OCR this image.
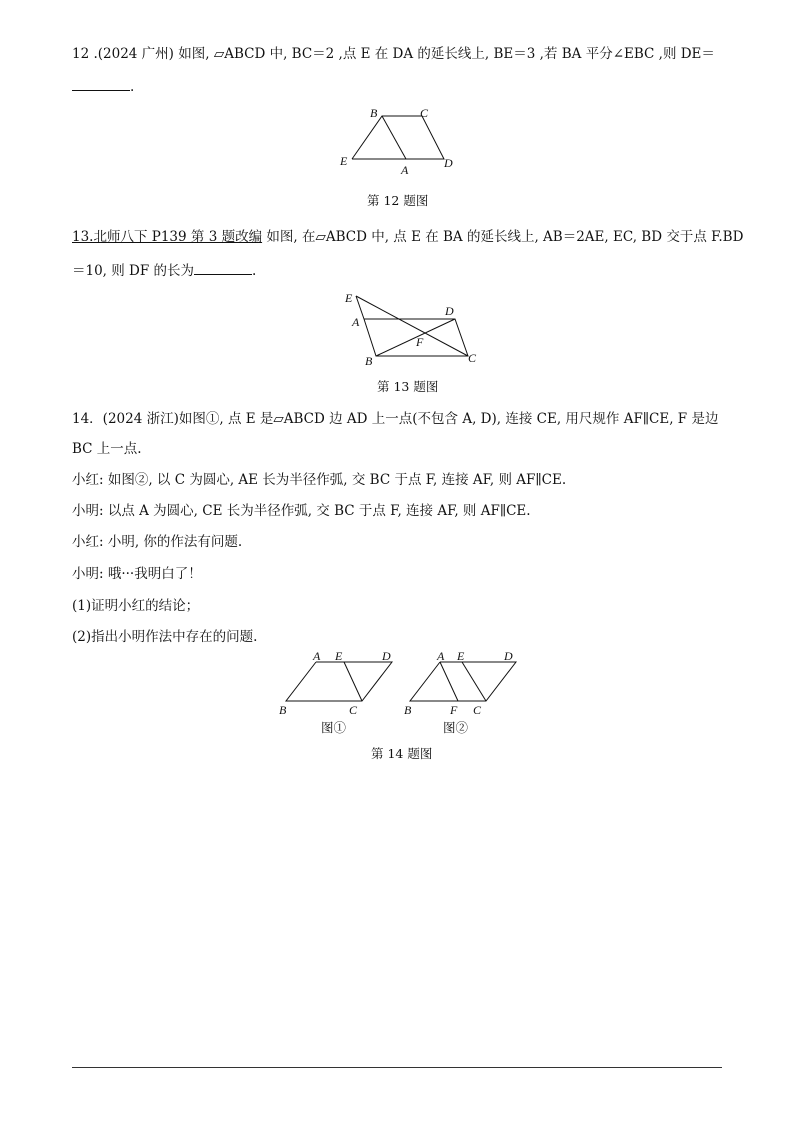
12 .(2024 广州) 如图, ▱ABCD 中, BC＝2 ,点 E 在 DA 的延长线上, BE＝3 ,若 BA 平分∠EBC ,则 DE＝
.
B	C
E
A	D
第 12 题图
13.北师八下 P139 第 3 题改编 如图, 在▱ABCD 中, 点 E 在 BA 的延长线上, AB＝2AE, EC, BD 交于点 F.BD
＝10, 则 DF 的长为	.
E
A
D
F
B	C
第 13 题图
14．(2024 浙江)如图①, 点 E 是▱ABCD 边 AD 上一点(不包含 A, D), 连接 CE, 用尺规作 AF∥CE, F 是边
BC 上一点.
小红: 如图②, 以 C 为圆心, AE 长为半径作弧, 交 BC 于点 F, 连接 AF, 则 AF∥CE.
小明: 以点 A 为圆心, CE 长为半径作弧, 交 BC 于点 F, 连接 AF, 则 AF∥CE.
小红: 小明, 你的作法有问题.
小明: 哦···我明白了！
(1)证明小红的结论；
(2)指出小明作法中存在的问题.
A E	D
B	C
图①
A E	D
B	F C
图②
第 14 题图
